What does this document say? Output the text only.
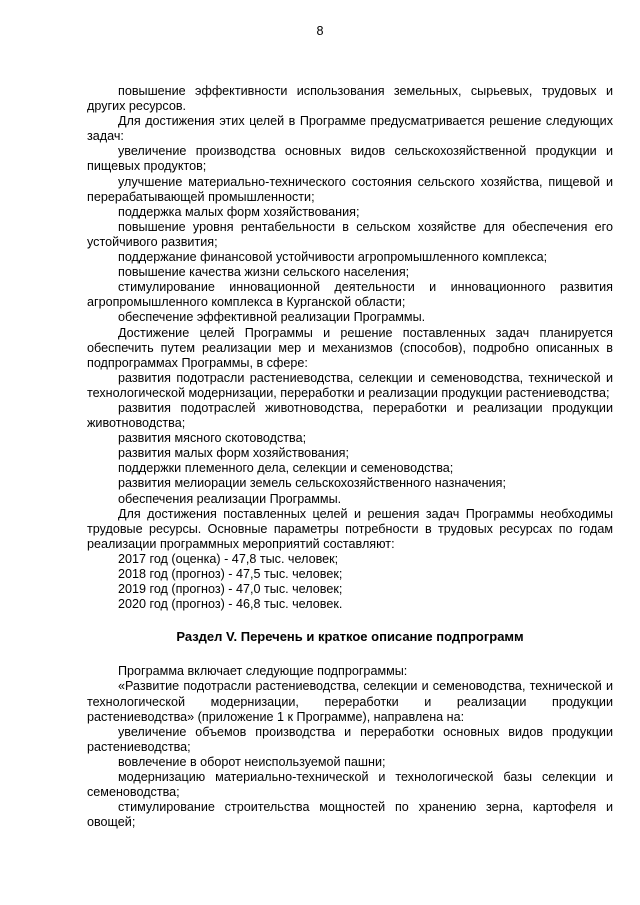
8

повышение эффективности использования земельных, сырьевых, трудовых и других ресурсов.

Для достижения этих целей в Программе предусматривается решение следующих задач:

увеличение производства основных видов сельскохозяйственной продукции и пищевых продуктов;

улучшение материально-технического состояния сельского хозяйства, пищевой и перерабатывающей промышленности;

поддержка малых форм хозяйствования;

повышение уровня рентабельности в сельском хозяйстве для обеспечения его устойчивого развития;

поддержание финансовой устойчивости агропромышленного комплекса;

повышение качества жизни сельского населения;

стимулирование инновационной деятельности и инновационного развития агропромышленного комплекса в Курганской области;

обеспечение эффективной реализации Программы.

Достижение целей Программы и решение поставленных задач планируется обеспечить путем реализации мер и механизмов (способов), подробно описанных в подпрограммах Программы, в сфере:

развития подотрасли растениеводства, селекции и семеноводства, технической и технологической модернизации, переработки и реализации продукции растениеводства;

развития подотраслей животноводства, переработки и реализации продукции животноводства;

развития мясного скотоводства;

развития малых форм хозяйствования;

поддержки племенного дела, селекции и семеноводства;

развития мелиорации земель сельскохозяйственного назначения;

обеспечения реализации Программы.

Для достижения поставленных целей и решения задач Программы необходимы трудовые ресурсы. Основные параметры потребности в трудовых ресурсах по годам реализации программных мероприятий составляют:

2017 год (оценка) - 47,8 тыс. человек;

2018 год (прогноз) - 47,5 тыс. человек;

2019 год (прогноз) - 47,0 тыс. человек;

2020 год (прогноз) - 46,8 тыс. человек.

Раздел V. Перечень и краткое описание подпрограмм

Программа включает следующие подпрограммы:

«Развитие подотрасли растениеводства, селекции и семеноводства, технической и технологической модернизации, переработки и реализации продукции растениеводства» (приложение 1 к Программе), направлена на:

увеличение объемов производства и переработки основных видов продукции растениеводства;

вовлечение в оборот неиспользуемой пашни;

модернизацию материально-технической и технологической базы селекции и семеноводства;

стимулирование строительства мощностей по хранению зерна, картофеля и овощей;
